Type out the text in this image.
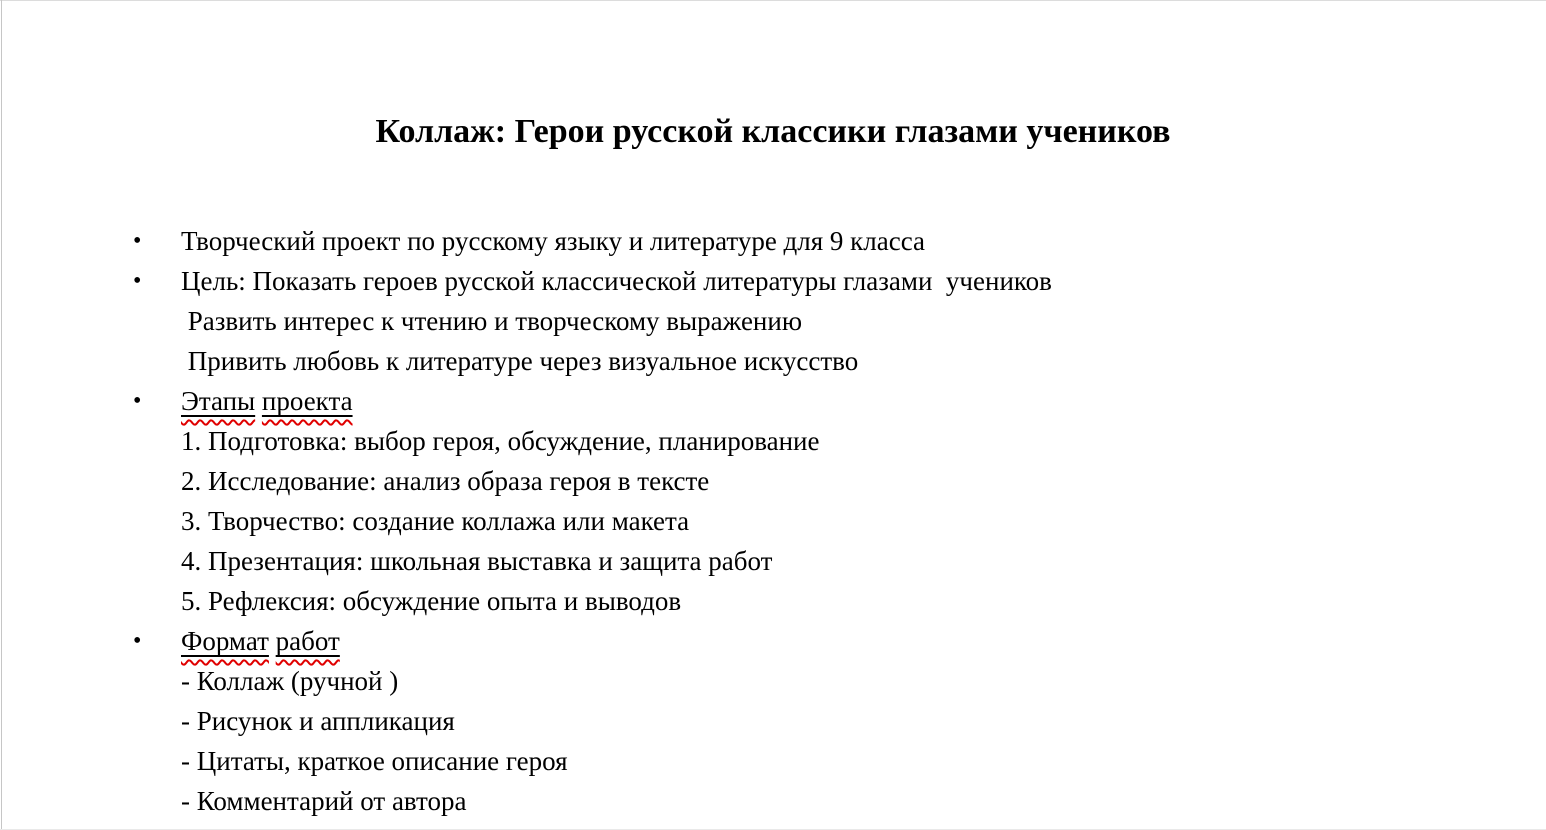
Коллаж: Герои русской классики глазами учеников
•	Творческий проект по русскому языку и литературе для 9 класса
•	Цель: Показать героев русской классической литературы глазами  учеников
Развить интерес к чтению и творческому выражению
Привить любовь к литературе через визуальное искусство
•	Этапы проекта
1. Подготовка: выбор героя, обсуждение, планирование
2. Исследование: анализ образа героя в тексте
3. Творчество: создание коллажа или макета
4. Презентация: школьная выставка и защита работ
5. Рефлексия: обсуждение опыта и выводов
•	Формат работ
- Коллаж (ручной )
- Рисунок и аппликация
- Цитаты, краткое описание героя
- Комментарий от автора
